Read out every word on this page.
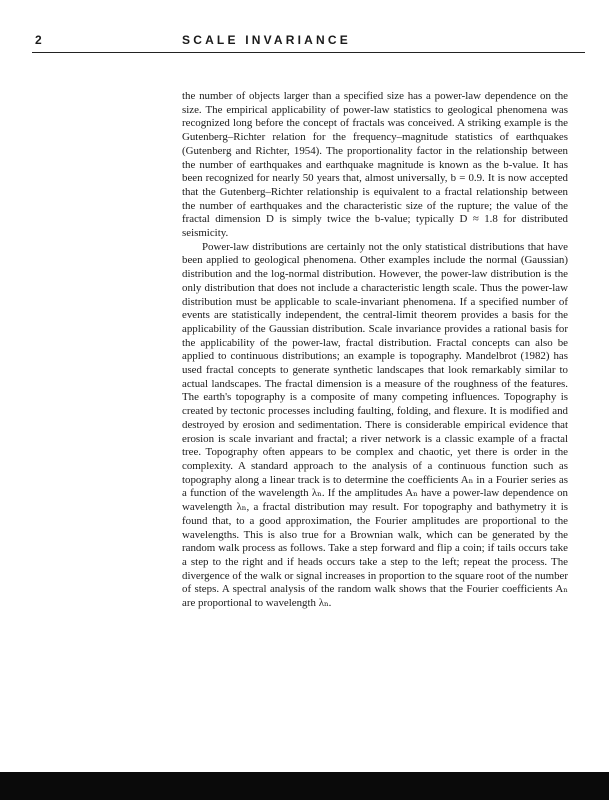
2	SCALE INVARIANCE

the number of objects larger than a specified size has a power-law dependence on the size. The empirical applicability of power-law statistics to geological phenomena was recognized long before the concept of fractals was conceived. A striking example is the Gutenberg–Richter relation for the frequency–magnitude statistics of earthquakes (Gutenberg and Richter, 1954). The proportionality factor in the relationship between the number of earthquakes and earthquake magnitude is known as the b-value. It has been recognized for nearly 50 years that, almost universally, b = 0.9. It is now accepted that the Gutenberg–Richter relationship is equivalent to a fractal relationship between the number of earthquakes and the characteristic size of the rupture; the value of the fractal dimension D is simply twice the b-value; typically D ≈ 1.8 for distributed seismicity.

Power-law distributions are certainly not the only statistical distributions that have been applied to geological phenomena. Other examples include the normal (Gaussian) distribution and the log-normal distribution. However, the power-law distribution is the only distribution that does not include a characteristic length scale. Thus the power-law distribution must be applicable to scale-invariant phenomena. If a specified number of events are statistically independent, the central-limit theorem provides a basis for the applicability of the Gaussian distribution. Scale invariance provides a rational basis for the applicability of the power-law, fractal distribution. Fractal concepts can also be applied to continuous distributions; an example is topography. Mandelbrot (1982) has used fractal concepts to generate synthetic landscapes that look remarkably similar to actual landscapes. The fractal dimension is a measure of the roughness of the features. The earth's topography is a composite of many competing influences. Topography is created by tectonic processes including faulting, folding, and flexure. It is modified and destroyed by erosion and sedimentation. There is considerable empirical evidence that erosion is scale invariant and fractal; a river network is a classic example of a fractal tree. Topography often appears to be complex and chaotic, yet there is order in the complexity. A standard approach to the analysis of a continuous function such as topography along a linear track is to determine the coefficients Aₙ in a Fourier series as a function of the wavelength λₙ. If the amplitudes Aₙ have a power-law dependence on wavelength λₙ, a fractal distribution may result. For topography and bathymetry it is found that, to a good approximation, the Fourier amplitudes are proportional to the wavelengths. This is also true for a Brownian walk, which can be generated by the random walk process as follows. Take a step forward and flip a coin; if tails occurs take a step to the right and if heads occurs take a step to the left; repeat the process. The divergence of the walk or signal increases in proportion to the square root of the number of steps. A spectral analysis of the random walk shows that the Fourier coefficients Aₙ are proportional to wavelength λₙ.
